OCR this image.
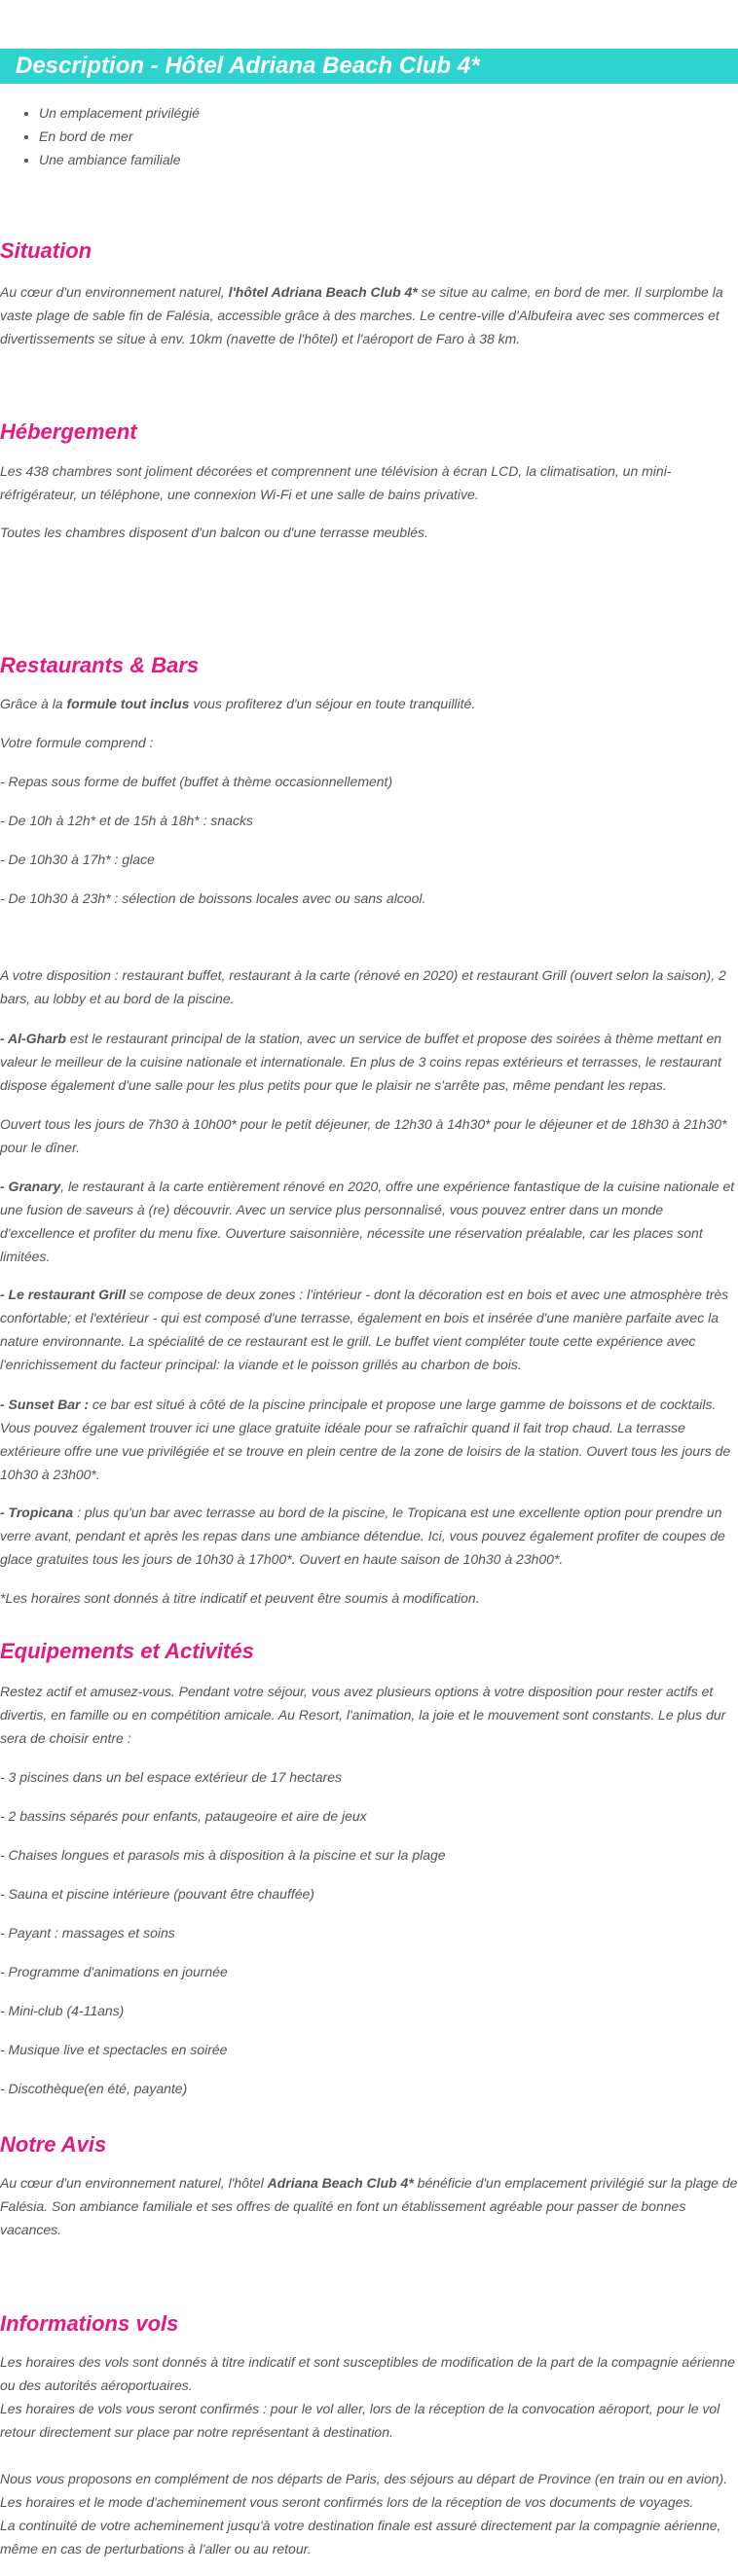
Description - Hôtel Adriana Beach Club 4*
• Un emplacement privilégié
• En bord de mer
• Une ambiance familiale
Situation

Au cœur d'un environnement naturel, l'hôtel Adriana Beach Club 4* se situe au calme, en bord de mer. Il surplombe la vaste plage de sable fin de Falésia, accessible grâce à des marches. Le centre-ville d'Albufeira avec ses commerces et divertissements se situe à env. 10km (navette de l'hôtel) et l'aéroport de Faro à 38 km.

Hébergement

Les 438 chambres sont joliment décorées et comprennent une télévision à écran LCD, la climatisation, un mini-réfrigérateur, un téléphone, une connexion Wi-Fi et une salle de bains privative.

Toutes les chambres disposent d'un balcon ou d'une terrasse meublés.

Restaurants & Bars

Grâce à la formule tout inclus vous profiterez d'un séjour en toute tranquillité.

Votre formule comprend :

- Repas sous forme de buffet (buffet à thème occasionnellement)

- De 10h à 12h* et de 15h à 18h* : snacks

- De 10h30 à 17h* : glace

- De 10h30 à 23h* : sélection de boissons locales avec ou sans alcool.

A votre disposition : restaurant buffet, restaurant à la carte (rénové en 2020) et restaurant Grill (ouvert selon la saison), 2 bars, au lobby et au bord de la piscine.

- Al-Gharb est le restaurant principal de la station, avec un service de buffet et propose des soirées à thème mettant en valeur le meilleur de la cuisine nationale et internationale. En plus de 3 coins repas extérieurs et terrasses, le restaurant dispose également d'une salle pour les plus petits pour que le plaisir ne s'arrête pas, même pendant les repas.

Ouvert tous les jours de 7h30 à 10h00* pour le petit déjeuner, de 12h30 à 14h30* pour le déjeuner et de 18h30 à 21h30* pour le dîner.

- Granary, le restaurant à la carte entièrement rénové en 2020, offre une expérience fantastique de la cuisine nationale et une fusion de saveurs à (re) découvrir. Avec un service plus personnalisé, vous pouvez entrer dans un monde d'excellence et profiter du menu fixe. Ouverture saisonnière, nécessite une réservation préalable, car les places sont limitées.

- Le restaurant Grill se compose de deux zones : l'intérieur - dont la décoration est en bois et avec une atmosphère très confortable; et l'extérieur - qui est composé d'une terrasse, également en bois et insérée d'une manière parfaite avec la nature environnante. La spécialité de ce restaurant est le grill. Le buffet vient compléter toute cette expérience avec l'enrichissement du facteur principal: la viande et le poisson grillés au charbon de bois.

- Sunset Bar : ce bar est situé à côté de la piscine principale et propose une large gamme de boissons et de cocktails. Vous pouvez également trouver ici une glace gratuite idéale pour se rafraîchir quand il fait trop chaud. La terrasse extérieure offre une vue privilégiée et se trouve en plein centre de la zone de loisirs de la station. Ouvert tous les jours de 10h30 à 23h00*.

- Tropicana : plus qu'un bar avec terrasse au bord de la piscine, le Tropicana est une excellente option pour prendre un verre avant, pendant et après les repas dans une ambiance détendue. Ici, vous pouvez également profiter de coupes de glace gratuites tous les jours de 10h30 à 17h00*. Ouvert en haute saison de 10h30 à 23h00*.

*Les horaires sont donnés à titre indicatif et peuvent être soumis à modification.

Equipements et Activités

Restez actif et amusez-vous. Pendant votre séjour, vous avez plusieurs options à votre disposition pour rester actifs et divertis, en famille ou en compétition amicale. Au Resort, l'animation, la joie et le mouvement sont constants. Le plus dur sera de choisir entre :

- 3 piscines dans un bel espace extérieur de 17 hectares

- 2 bassins séparés pour enfants, pataugeoire et aire de jeux

- Chaises longues et parasols mis à disposition à la piscine et sur la plage

- Sauna et piscine intérieure (pouvant être chauffée)

- Payant : massages et soins

- Programme d'animations en journée

- Mini-club (4-11ans)

- Musique live et spectacles en soirée

- Discothèque(en été, payante)

Notre Avis

Au cœur d'un environnement naturel, l'hôtel Adriana Beach Club 4* bénéficie d'un emplacement privilégié sur la plage de Falésia. Son ambiance familiale et ses offres de qualité en font un établissement agréable pour passer de bonnes vacances.

Informations vols
Les horaires des vols sont donnés à titre indicatif et sont susceptibles de modification de la part de la compagnie aérienne ou des autorités aéroportuaires.
Les horaires de vols vous seront confirmés : pour le vol aller, lors de la réception de la convocation aéroport, pour le vol retour directement sur place par notre représentant à destination.
Nous vous proposons en complément de nos départs de Paris, des séjours au départ de Province (en train ou en avion).
Les horaires et le mode d'acheminement vous seront confirmés lors de la réception de vos documents de voyages.
La continuité de votre acheminement jusqu'à votre destination finale est assuré directement par la compagnie aérienne, même en cas de perturbations à l'aller ou au retour.
